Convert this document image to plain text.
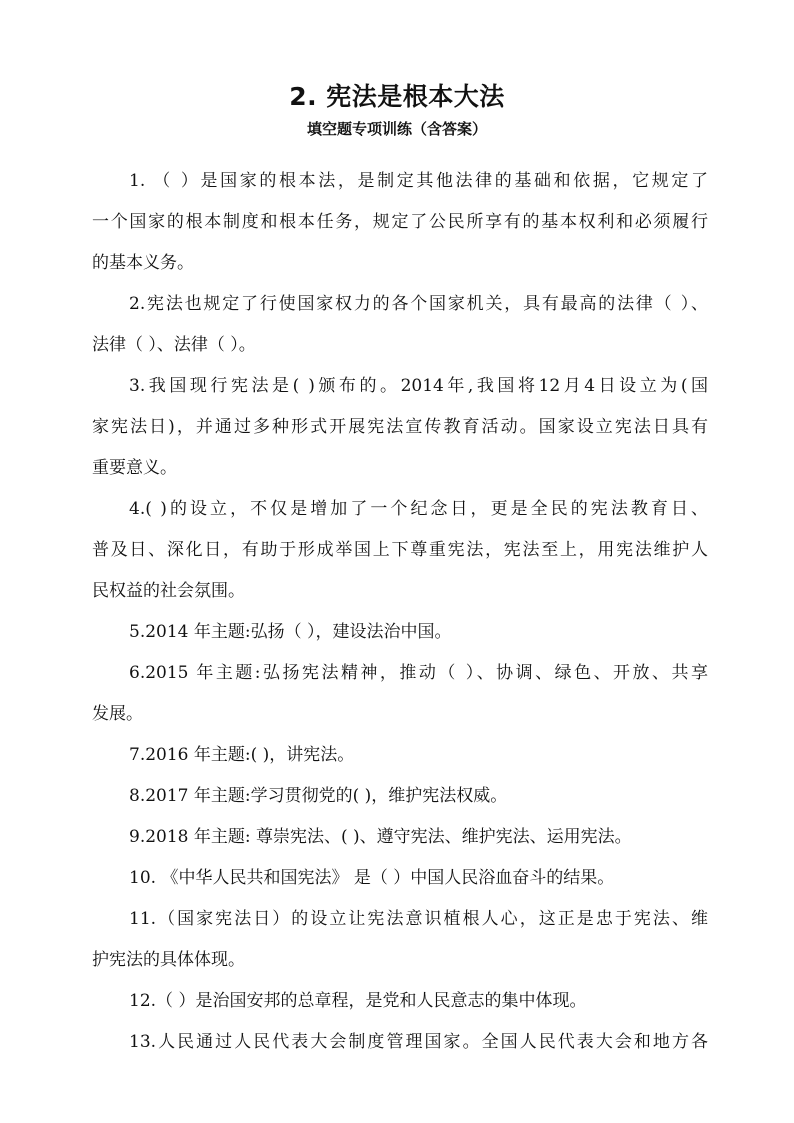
2. 宪法是根本大法
填空题专项训练（含答案）
1. （ ）是国家的根本法，是制定其他法律的基础和依据，它规定了
一个国家的根本制度和根本任务，规定了公民所享有的基本权利和必须履行
的基本义务。
2.宪法也规定了行使国家权力的各个国家机关，具有最高的法律（ ）、
法律（ ）、法律（ ）。
3.我国现行宪法是( )颁布的。2014年,我国将12月4日设立为(国
家宪法日)，并通过多种形式开展宪法宣传教育活动。国家设立宪法日具有
重要意义。
4.( )的设立，不仅是增加了一个纪念日，更是全民的宪法教育日、
普及日、深化日，有助于形成举国上下尊重宪法，宪法至上，用宪法维护人
民权益的社会氛围。
5.2014 年主题:弘扬（ ），建设法治中国。
6.2015 年主题:弘扬宪法精神，推动（ ）、协调、绿色、开放、共享
发展。
7.2016 年主题:( )，讲宪法。
8.2017 年主题:学习贯彻党的( )，维护宪法权威。
9.2018 年主题: 尊崇宪法、( )、遵守宪法、维护宪法、运用宪法。
10. 《中华人民共和国宪法》 是（ ）中国人民浴血奋斗的结果。
11.（国家宪法日）的设立让宪法意识植根人心，这正是忠于宪法、维
护宪法的具体体现。
12.（ ）是治国安邦的总章程，是党和人民意志的集中体现。
13.人民通过人民代表大会制度管理国家。全国人民代表大会和地方各
